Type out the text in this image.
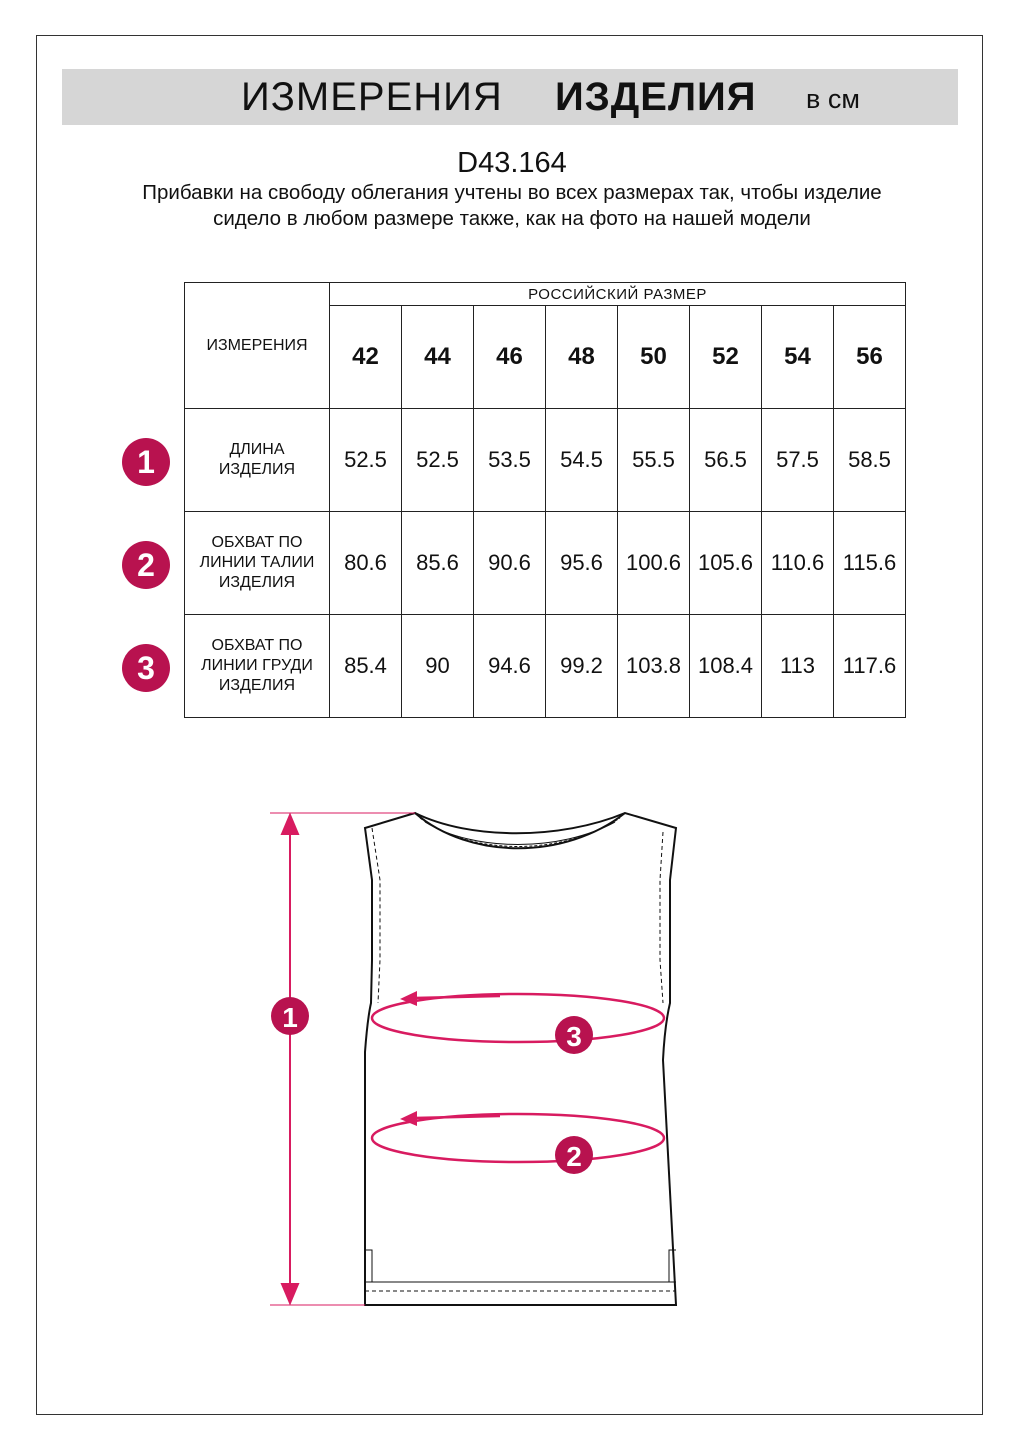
ИЗМЕРЕНИЯ ИЗДЕЛИЯ в см
D43.164
Прибавки на свободу облегания учтены во всех размерах так, чтобы изделие сидело в любом размере также, как на фото на нашей модели
ИЗМЕРЕНИЯ	РОССИЙСКИЙ РАЗМЕР							
	42	44	46	48	50	52	54	56

ДЛИНА ИЗДЕЛИЯ	52.5	52.5	53.5	54.5	55.5	56.5	57.5	58.5

ОБХВАТ ПО ЛИНИИ ТАЛИИ ИЗДЕЛИЯ	80.6	85.6	90.6	95.6	100.6	105.6	110.6	115.6

ОБХВАТ ПО ЛИНИИ ГРУДИ ИЗДЕЛИЯ	85.4	90	94.6	99.2	103.8	108.4	113	117.6
1
2
3
1
3
2
